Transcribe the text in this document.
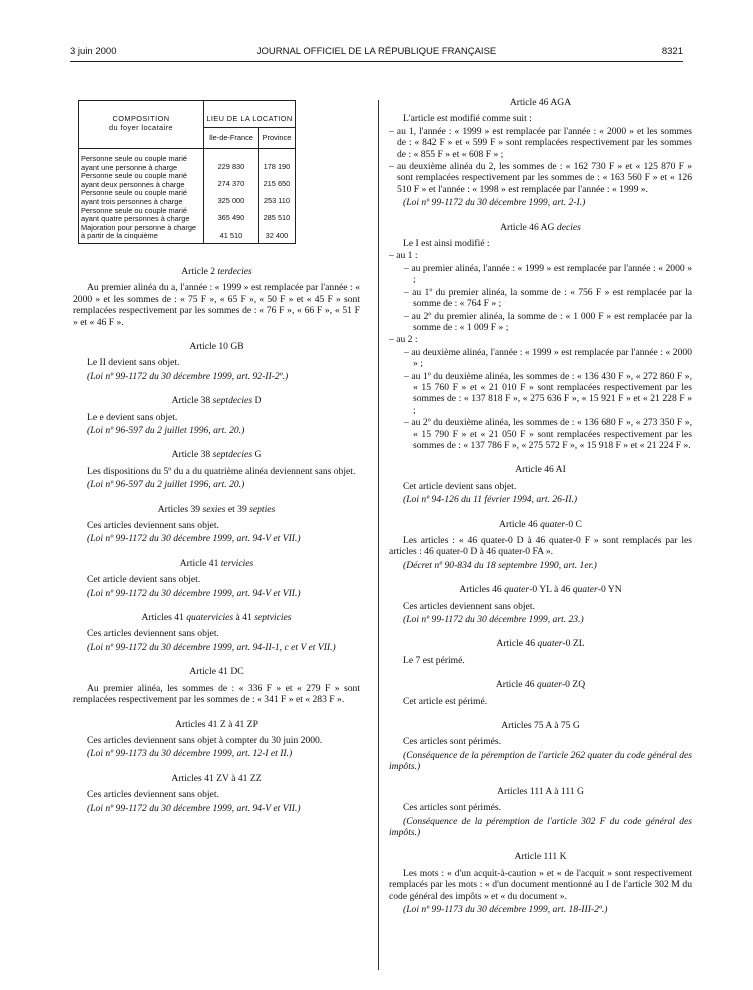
3 juin 2000	JOURNAL OFFICIEL DE LA RÉPUBLIQUE FRANÇAISE	8321
COMPOSITION
du foyer locataire	LIEU DE LA LOCATION	
	Ile-de-France	Province
Personne seule ou couple marié ayant une personne à charge	229 830	178 190
Personne seule ou couple marié ayant deux personnes à charge	274 370	215 650
Personne seule ou couple marié ayant trois personnes à charge	325 000	253 110
Personne seule ou couple marié ayant quatre personnes à charge	365 490	285 510
Majoration pour personne à charge à partir de la cinquième	41 510	32 400

Article 2 terdecies

Au premier alinéa du a, l'année : « 1999 » est remplacée par l'année : « 2000 » et les sommes de : « 75 F », « 65 F », « 50 F » et « 45 F » sont remplacées respectivement par les sommes de : « 76 F », « 66 F », « 51 F » et « 46 F ».

Article 10 GB

Le II devient sans objet.

(Loi nº 99-1172 du 30 décembre 1999, art. 92-II-2º.)

Article 38 septdecies D

Le e devient sans objet.

(Loi nº 96-597 du 2 juillet 1996, art. 20.)

Article 38 septdecies G

Les dispositions du 5º du a du quatrième alinéa deviennent sans objet.

(Loi nº 96-597 du 2 juillet 1996, art. 20.)

Articles 39 sexies et 39 septies

Ces articles deviennent sans objet.

(Loi nº 99-1172 du 30 décembre 1999, art. 94-V et VII.)

Article 41 tervicies

Cet article devient sans objet.

(Loi nº 99-1172 du 30 décembre 1999, art. 94-V et VII.)

Articles 41 quatervicies à 41 septvicies

Ces articles deviennent sans objet.

(Loi nº 99-1172 du 30 décembre 1999, art. 94-II-1, c et V et VII.)

Article 41 DC

Au premier alinéa, les sommes de : « 336 F » et « 279 F » sont remplacées respectivement par les sommes de : « 341 F » et « 283 F ».

Articles 41 Z à 41 ZP

Ces articles deviennent sans objet à compter du 30 juin 2000.

(Loi nº 99-1173 du 30 décembre 1999, art. 12-I et II.)

Articles 41 ZV à 41 ZZ

Ces articles deviennent sans objet.

(Loi nº 99-1172 du 30 décembre 1999, art. 94-V et VII.)

Article 46 AGA

L'article est modifié comme suit :

– au 1, l'année : « 1999 » est remplacée par l'année : « 2000 » et les sommes de : « 842 F » et « 599 F » sont remplacées respectivement par les sommes de : « 855 F » et « 608 F » ;

– au deuxième alinéa du 2, les sommes de : « 162 730 F » et « 125 870 F » sont remplacées respectivement par les sommes de : « 163 560 F » et « 126 510 F » et l'année : « 1998 » est remplacée par l'année : « 1999 ».

(Loi nº 99-1172 du 30 décembre 1999, art. 2-I.)

Article 46 AG decies

Le I est ainsi modifié :

– au 1 :

– au premier alinéa, l'année : « 1999 » est remplacée par l'année : « 2000 » ;

– au 1º du premier alinéa, la somme de : « 756 F » est remplacée par la somme de : « 764 F » ;

– au 2º du premier alinéa, la somme de : « 1 000 F » est remplacée par la somme de : « 1 009 F » ;

– au 2 :

– au deuxième alinéa, l'année : « 1999 » est remplacée par l'année : « 2000 » ;

– au 1º du deuxième alinéa, les sommes de : « 136 430 F », « 272 860 F », « 15 760 F » et « 21 010 F » sont remplacées respectivement par les sommes de : « 137 818 F », « 275 636 F », « 15 921 F » et « 21 228 F » ;

– au 2º du deuxième alinéa, les sommes de : « 136 680 F », « 273 350 F », « 15 790 F » et « 21 050 F » sont remplacées respectivement par les sommes de : « 137 786 F », « 275 572 F », « 15 918 F » et « 21 224 F ».

Article 46 AI

Cet article devient sans objet.

(Loi nº 94-126 du 11 février 1994, art. 26-II.)

Article 46 quater-0 C

Les articles : « 46 quater-0 D à 46 quater-0 F » sont remplacés par les articles : 46 quater-0 D à 46 quater-0 FA ».

(Décret nº 90-834 du 18 septembre 1990, art. 1er.)

Articles 46 quater-0 YL à 46 quater-0 YN

Ces articles deviennent sans objet.

(Loi nº 99-1172 du 30 décembre 1999, art. 23.)

Article 46 quater-0 ZL

Le 7 est périmé.

Article 46 quater-0 ZQ

Cet article est périmé.

Articles 75 A à 75 G

Ces articles sont périmés.

(Conséquence de la péremption de l'article 262 quater du code général des impôts.)

Articles 111 A à 111 G

Ces articles sont périmés.

(Conséquence de la péremption de l'article 302 F du code général des impôts.)

Article 111 K

Les mots : « d'un acquit-à-caution » et « de l'acquit » sont respectivement remplacés par les mots : « d'un document mentionné au I de l'article 302 M du code général des impôts » et « du document ».

(Loi nº 99-1173 du 30 décembre 1999, art. 18-III-2º.)
